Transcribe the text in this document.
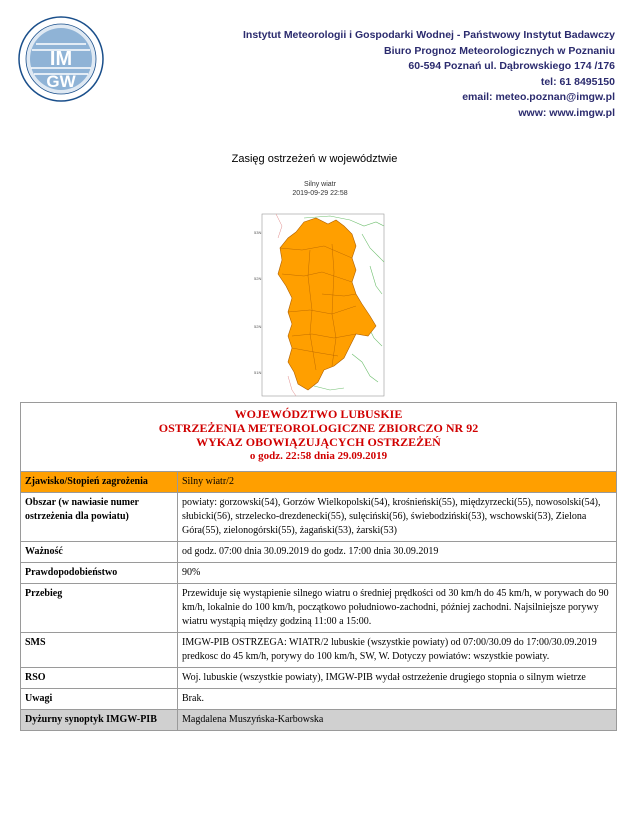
IM
GW
Instytut Meteorologii i Gospodarki Wodnej - Państwowy Instytut Badawczy
Biuro Prognoz Meteorologicznych w Poznaniu
60-594 Poznań ul. Dąbrowskiego 174 /176
tel: 61 8495150
email: meteo.poznan@imgw.pl
www: www.imgw.pl
Zasięg ostrzeżeń w województwie
Silny wiatr
2019-09-29 22:58
53N
52N
52N
51N
WOJEWÓDZTWO LUBUSKIE
OSTRZEŻENIA METEOROLOGICZNE ZBIORCZO NR 92
WYKAZ OBOWIĄZUJĄCYCH OSTRZEŻEŃ
o godz. 22:58 dnia 29.09.2019	

Zjawisko/Stopień zagrożenia	Silny wiatr/2
Obszar (w nawiasie numer ostrzeżenia dla powiatu)	powiaty: gorzowski(54), Gorzów Wielkopolski(54), krośnieński(55), międzyrzecki(55), nowosolski(54), słubicki(56), strzelecko-drezdenecki(55), sulęciński(56), świebodziński(53), wschowski(53), Zielona Góra(55), zielonogórski(55), żagański(53), żarski(53)
Ważność	od godz. 07:00 dnia 30.09.2019 do godz. 17:00 dnia 30.09.2019
Prawdopodobieństwo	90%
Przebieg	Przewiduje się wystąpienie silnego wiatru o średniej prędkości od 30 km/h do 45 km/h, w porywach do 90 km/h, lokalnie do 100 km/h, początkowo południowo-zachodni, później zachodni. Najsilniejsze porywy wiatru wystąpią między godziną 11:00 a 15:00.
SMS	IMGW-PIB OSTRZEGA: WIATR/2 lubuskie (wszystkie powiaty) od 07:00/30.09 do 17:00/30.09.2019 predkosc do 45 km/h, porywy do 100 km/h, SW, W. Dotyczy powiatów: wszystkie powiaty.
RSO	Woj. lubuskie (wszystkie powiaty), IMGW-PIB wydał ostrzeżenie drugiego stopnia o silnym wietrze
Uwagi	Brak.
Dyżurny synoptyk IMGW-PIB	Magdalena Muszyńska-Karbowska
